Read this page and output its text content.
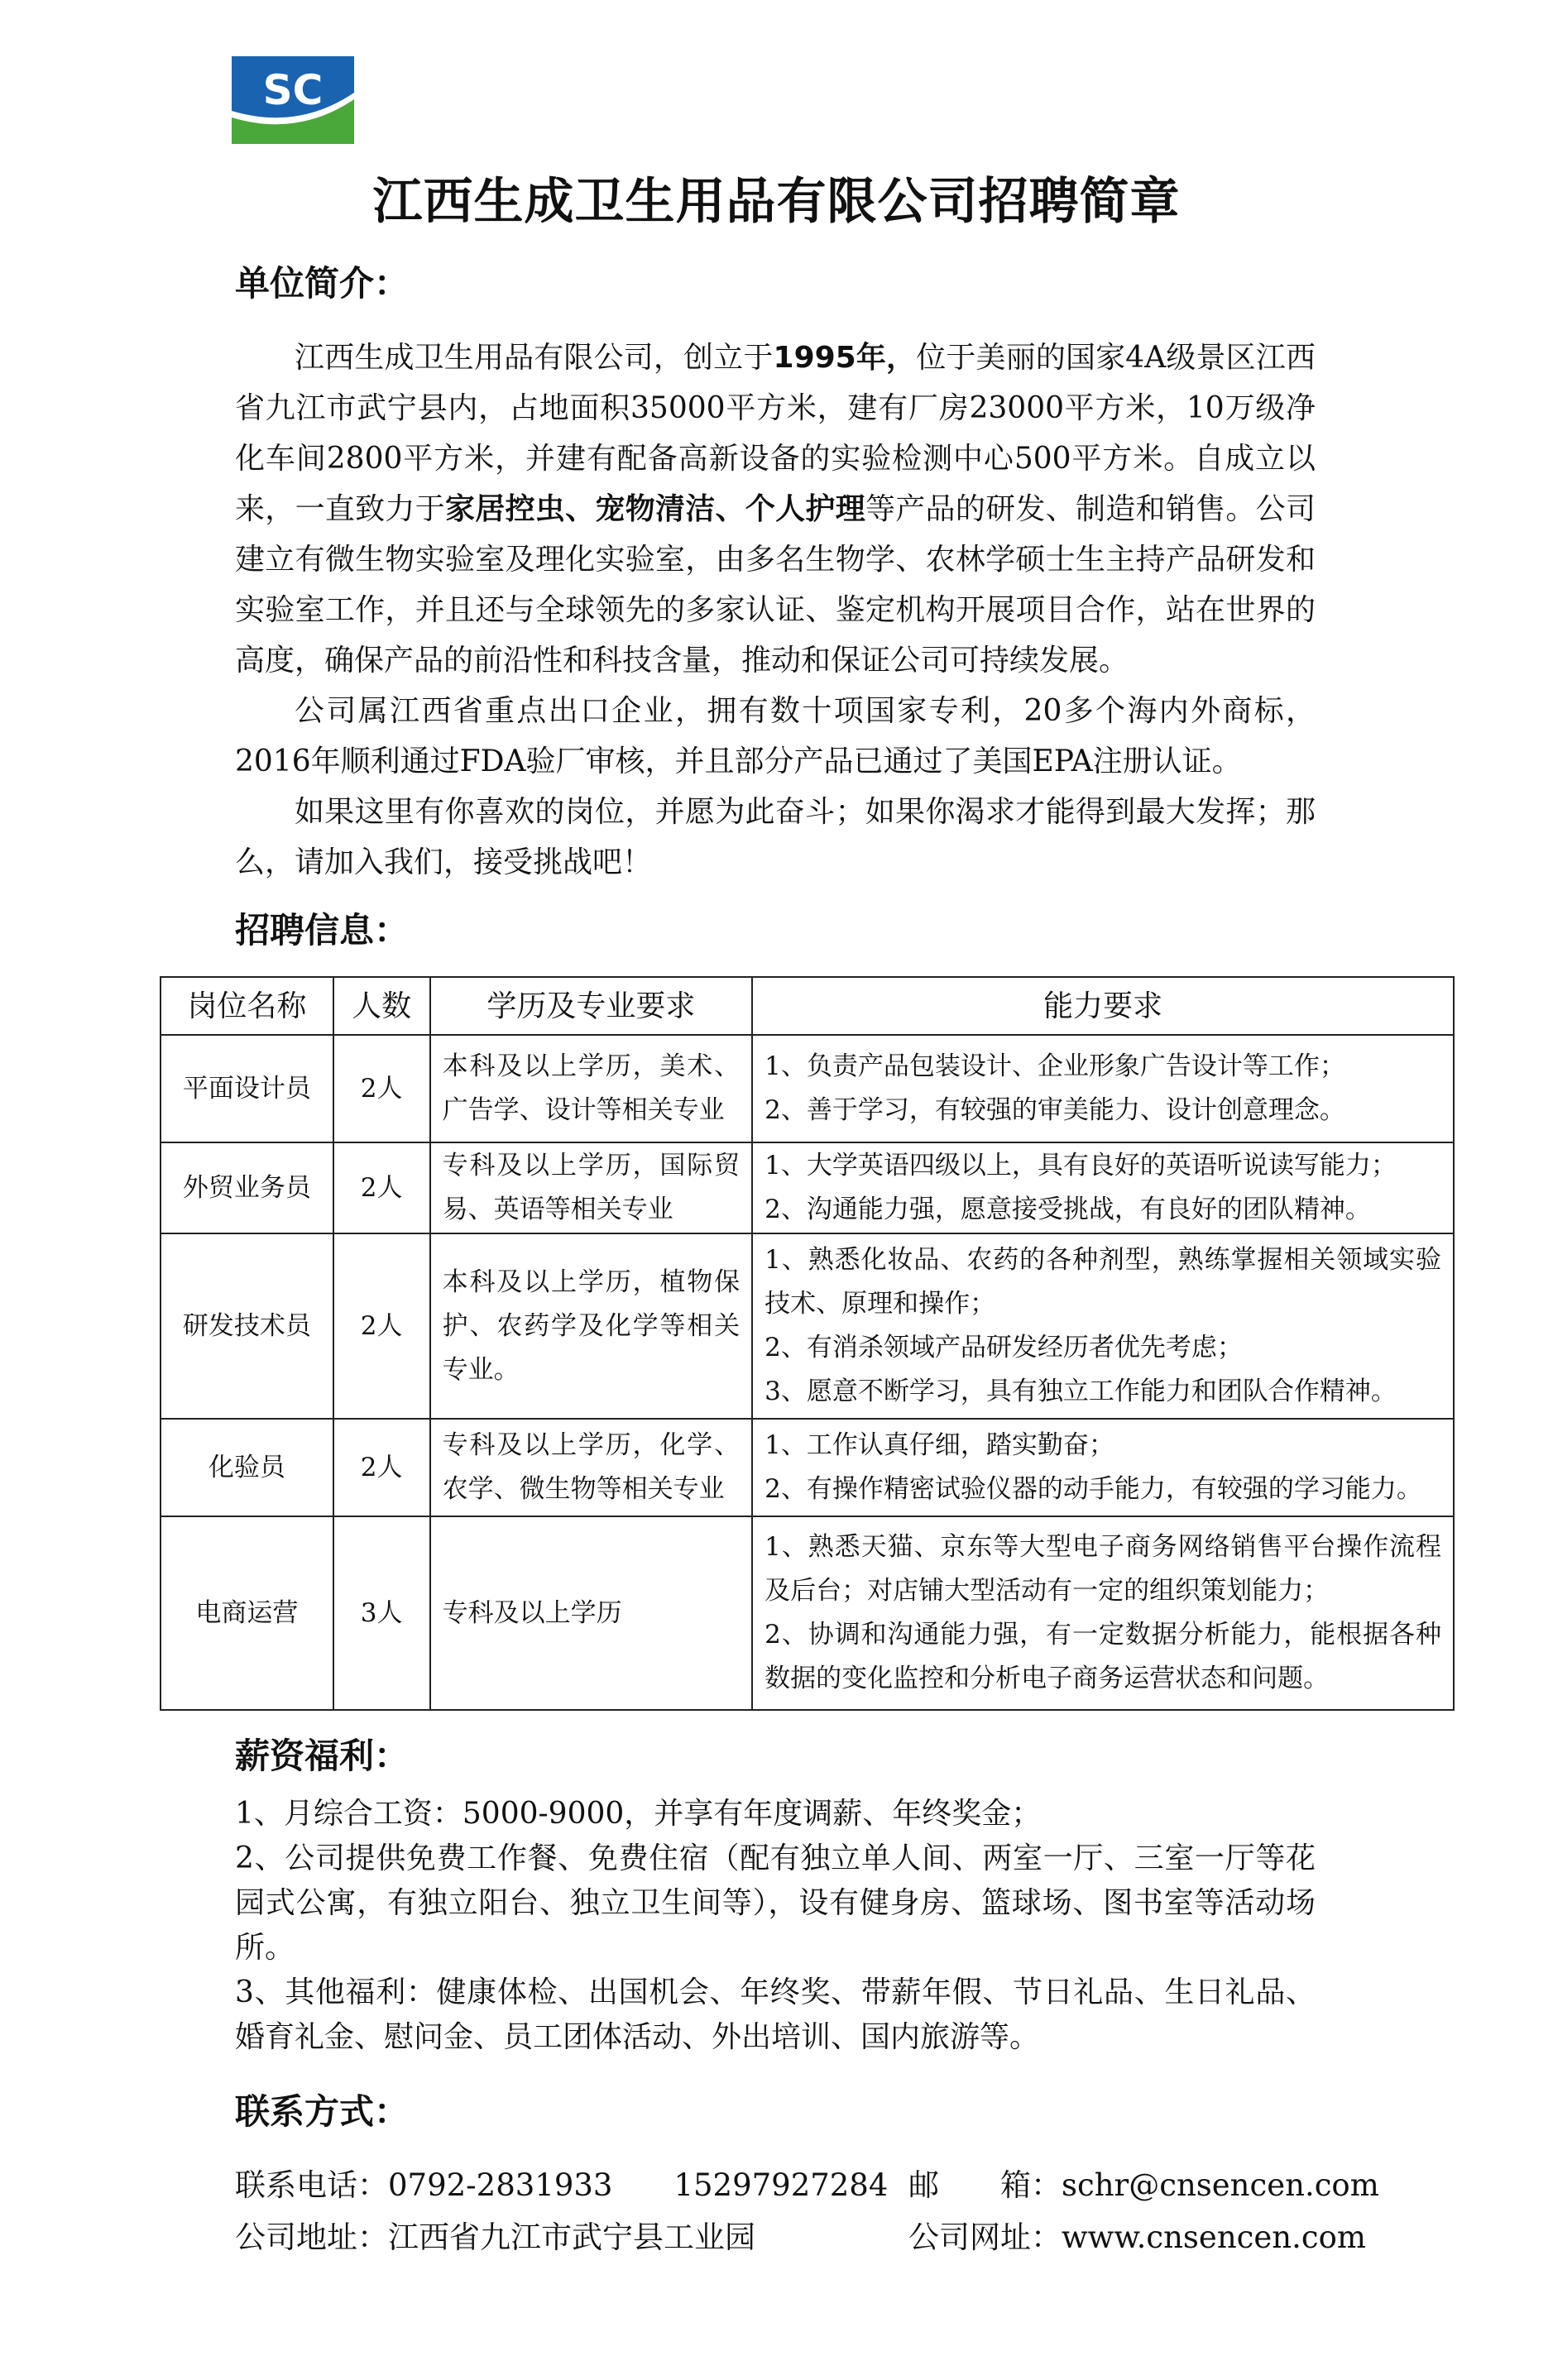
SC
江西生成卫生用品有限公司招聘简章
单位简介：

江西生成卫生用品有限公司，创立于1995年，位于美丽的国家4A级景区江西省九江市武宁县内，占地面积35000平方米，建有厂房23000平方米，10万级净化车间2800平方米，并建有配备高新设备的实验检测中心500平方米。自成立以来，一直致力于家居控虫、宠物清洁、个人护理等产品的研发、制造和销售。公司建立有微生物实验室及理化实验室，由多名生物学、农林学硕士生主持产品研发和实验室工作，并且还与全球领先的多家认证、鉴定机构开展项目合作，站在世界的高度，确保产品的前沿性和科技含量，推动和保证公司可持续发展。

公司属江西省重点出口企业，拥有数十项国家专利，20多个海内外商标，2016年顺利通过FDA验厂审核，并且部分产品已通过了美国EPA注册认证。

如果这里有你喜欢的岗位，并愿为此奋斗；如果你渴求才能得到最大发挥；那么，请加入我们，接受挑战吧！

招聘信息：
岗位名称	人数	学历及专业要求	能力要求
平面设计员	2人	本科及以上学历，美术、广告学、设计等相关专业	1、负责产品包装设计、企业形象广告设计等工作；
2、善于学习，有较强的审美能力、设计创意理念。

外贸业务员	2人	专科及以上学历，国际贸易、英语等相关专业	1、大学英语四级以上，具有良好的英语听说读写能力；
2、沟通能力强，愿意接受挑战，有良好的团队精神。

研发技术员	2人	本科及以上学历，植物保护、农药学及化学等相关专业。	1、熟悉化妆品、农药的各种剂型，熟练掌握相关领域实验技术、原理和操作；
2、有消杀领域产品研发经历者优先考虑；
3、愿意不断学习，具有独立工作能力和团队合作精神。

化验员	2人	专科及以上学历，化学、农学、微生物等相关专业	1、工作认真仔细，踏实勤奋；
2、有操作精密试验仪器的动手能力，有较强的学习能力。

电商运营	3人	专科及以上学历	1、熟悉天猫、京东等大型电子商务网络销售平台操作流程及后台；对店铺大型活动有一定的组织策划能力；
2、协调和沟通能力强，有一定数据分析能力，能根据各种数据的变化监控和分析电子商务运营状态和问题。
薪资福利：

1、月综合工资：5000-9000，并享有年度调薪、年终奖金；

2、公司提供免费工作餐、免费住宿（配有独立单人间、两室一厅、三室一厅等花园式公寓，有独立阳台、独立卫生间等），设有健身房、篮球场、图书室等活动场所。

3、其他福利：健康体检、出国机会、年终奖、带薪年假、节日礼品、生日礼品、婚育礼金、慰问金、员工团体活动、外出培训、国内旅游等。

联系方式：
联系电话：0792-2831933　　15297927284 邮　　箱：schr@cnsencen.com
公司地址：江西省九江市武宁县工业园	公司网址：www.cnsencen.com
